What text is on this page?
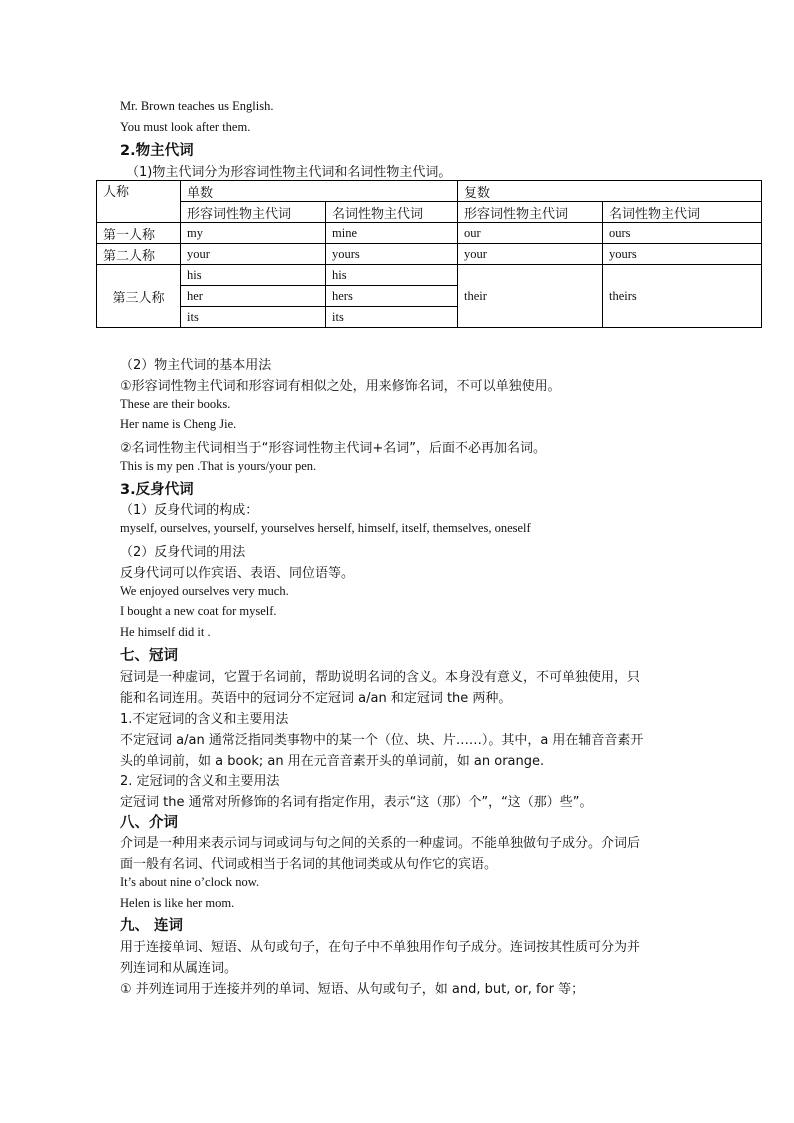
Mr. Brown teaches us English.
You must look after them.
2.物主代词
（1)物主代词分为形容词性物主代词和名词性物主代词。
人称	单数		复数	
	形容词性物主代词	名词性物主代词	形容词性物主代词	名词性物主代词
第一人称	my	mine	our	ours
第二人称	your	yours	your	yours
第三人称	his	his	their	theirs
	her	hers		
	its	its		
（2）物主代词的基本用法
①形容词性物主代词和形容词有相似之处，用来修饰名词，不可以单独使用。
These are their books.
Her name is Cheng Jie.
②名词性物主代词相当于“形容词性物主代词+名词”，后面不必再加名词。
This is my pen .That is yours/your pen.
3.反身代词
（1）反身代词的构成：
myself, ourselves, yourself, yourselves herself, himself, itself, themselves, oneself
（2）反身代词的用法
反身代词可以作宾语、表语、同位语等。
We enjoyed ourselves very much.
I bought a new coat for myself.
He himself did it .
七、冠词
冠词是一种虚词，它置于名词前，帮助说明名词的含义。本身没有意义，不可单独使用，只
能和名词连用。英语中的冠词分不定冠词 a/an 和定冠词 the 两种。
1.不定冠词的含义和主要用法
不定冠词 a/an 通常泛指同类事物中的某一个（位、块、片……）。其中，a 用在辅音音素开
头的单词前，如 a book; an 用在元音音素开头的单词前，如 an orange.
2. 定冠词的含义和主要用法
定冠词 the 通常对所修饰的名词有指定作用，表示“这（那）个”，“这（那）些”。
八、介词
介词是一种用来表示词与词或词与句之间的关系的一种虚词。不能单独做句子成分。介词后
面一般有名词、代词或相当于名词的其他词类或从句作它的宾语。
It’s about nine o’clock now.
Helen is like her mom.
九、 连词
用于连接单词、短语、从句或句子，在句子中不单独用作句子成分。连词按其性质可分为并
列连词和从属连词。
① 并列连词用于连接并列的单词、短语、从句或句子，如 and, but, or, for 等；
